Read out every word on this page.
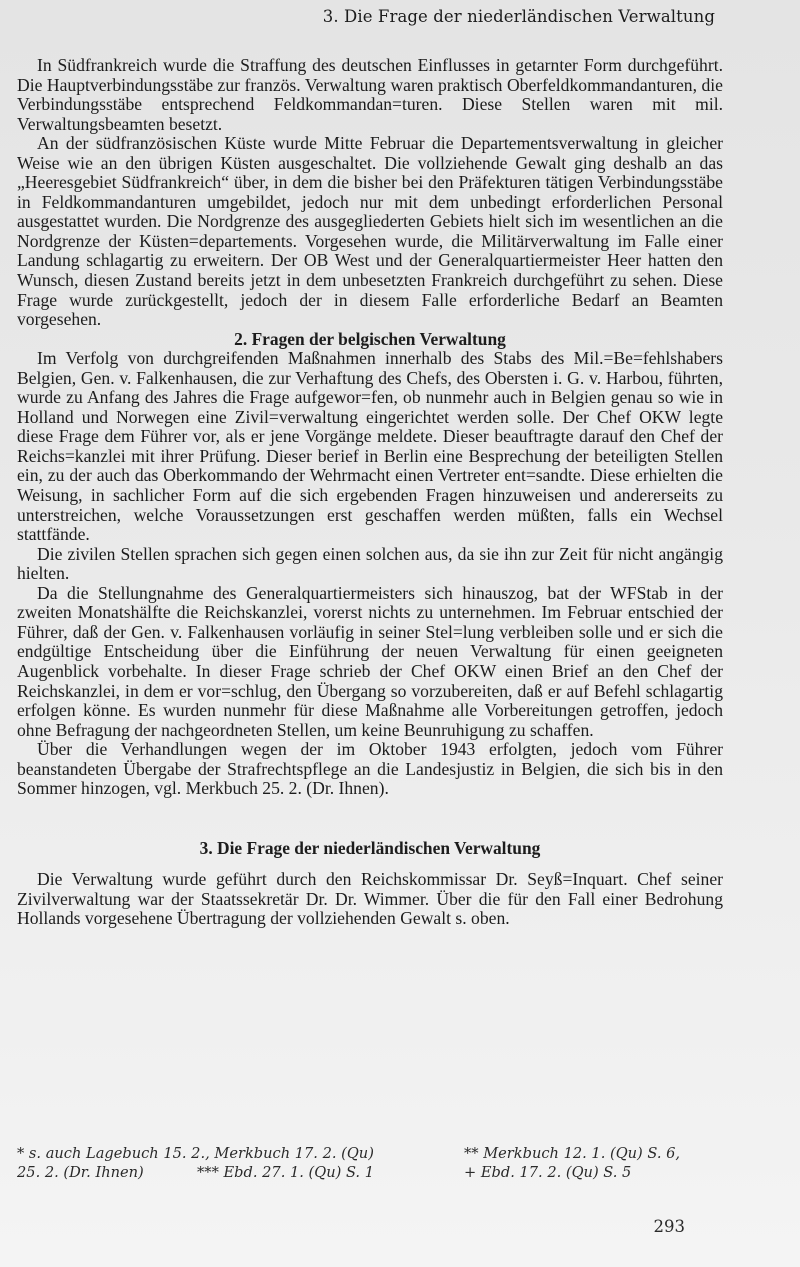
3. Die Frage der niederländischen Verwaltung

In Südfrankreich wurde die Straffung des deutschen Einflusses in getarnter Form durchgeführt. Die Hauptverbindungsstäbe zur französ. Verwaltung waren praktisch Oberfeldkommandanturen, die Verbindungsstäbe entsprechend Feldkommandan=turen. Diese Stellen waren mit mil. Verwaltungsbeamten besetzt.

An der südfranzösischen Küste wurde Mitte Februar die Departementsverwaltung in gleicher Weise wie an den übrigen Küsten ausgeschaltet. Die vollziehende Gewalt ging deshalb an das „Heeresgebiet Südfrankreich“ über, in dem die bisher bei den Präfekturen tätigen Verbindungsstäbe in Feldkommandanturen umgebildet, jedoch nur mit dem unbedingt erforderlichen Personal ausgestattet wurden. Die Nordgrenze des ausgegliederten Gebiets hielt sich im wesentlichen an die Nordgrenze der Küsten=departements. Vorgesehen wurde, die Militärverwaltung im Falle einer Landung schlagartig zu erweitern. Der OB West und der Generalquartiermeister Heer hatten den Wunsch, diesen Zustand bereits jetzt in dem unbesetzten Frankreich durchgeführt zu sehen. Diese Frage wurde zurückgestellt, jedoch der in diesem Falle erforderliche Bedarf an Beamten vorgesehen.

2. Fragen der belgischen Verwaltung

Im Verfolg von durchgreifenden Maßnahmen innerhalb des Stabs des Mil.=Be=fehlshabers Belgien, Gen. v. Falkenhausen, die zur Verhaftung des Chefs, des Obersten i. G. v. Harbou, führten, wurde zu Anfang des Jahres die Frage aufgewor=fen, ob nunmehr auch in Belgien genau so wie in Holland und Norwegen eine Zivil=verwaltung eingerichtet werden solle. Der Chef OKW legte diese Frage dem Führer vor, als er jene Vorgänge meldete. Dieser beauftragte darauf den Chef der Reichs=kanzlei mit ihrer Prüfung. Dieser berief in Berlin eine Besprechung der beteiligten Stellen ein, zu der auch das Oberkommando der Wehrmacht einen Vertreter ent=sandte. Diese erhielten die Weisung, in sachlicher Form auf die sich ergebenden Fragen hinzuweisen und andererseits zu unterstreichen, welche Voraussetzungen erst geschaffen werden müßten, falls ein Wechsel stattfände.

Die zivilen Stellen sprachen sich gegen einen solchen aus, da sie ihn zur Zeit für nicht angängig hielten.

Da die Stellungnahme des Generalquartiermeisters sich hinauszog, bat der WFStab in der zweiten Monatshälfte die Reichskanzlei, vorerst nichts zu unternehmen. Im Februar entschied der Führer, daß der Gen. v. Falkenhausen vorläufig in seiner Stel=lung verbleiben solle und er sich die endgültige Entscheidung über die Einführung der neuen Verwaltung für einen geeigneten Augenblick vorbehalte. In dieser Frage schrieb der Chef OKW einen Brief an den Chef der Reichskanzlei, in dem er vor=schlug, den Übergang so vorzubereiten, daß er auf Befehl schlagartig erfolgen könne. Es wurden nunmehr für diese Maßnahme alle Vorbereitungen getroffen, jedoch ohne Befragung der nachgeordneten Stellen, um keine Beunruhigung zu schaffen.

Über die Verhandlungen wegen der im Oktober 1943 erfolgten, jedoch vom Führer beanstandeten Übergabe der Strafrechtspflege an die Landesjustiz in Belgien, die sich bis in den Sommer hinzogen, vgl. Merkbuch 25. 2. (Dr. Ihnen).

3. Die Frage der niederländischen Verwaltung

Die Verwaltung wurde geführt durch den Reichskommissar Dr. Seyß=Inquart. Chef seiner Zivilverwaltung war der Staatssekretär Dr. Dr. Wimmer. Über die für den Fall einer Bedrohung Hollands vorgesehene Übertragung der vollziehenden Gewalt s. oben.

* s. auch Lagebuch 15. 2., Merkbuch 17. 2. (Qu)	** Merkbuch 12. 1. (Qu) S. 6,
25. 2. (Dr. Ihnen)	*** Ebd. 27. 1. (Qu) S. 1	+ Ebd. 17. 2. (Qu) S. 5
293
